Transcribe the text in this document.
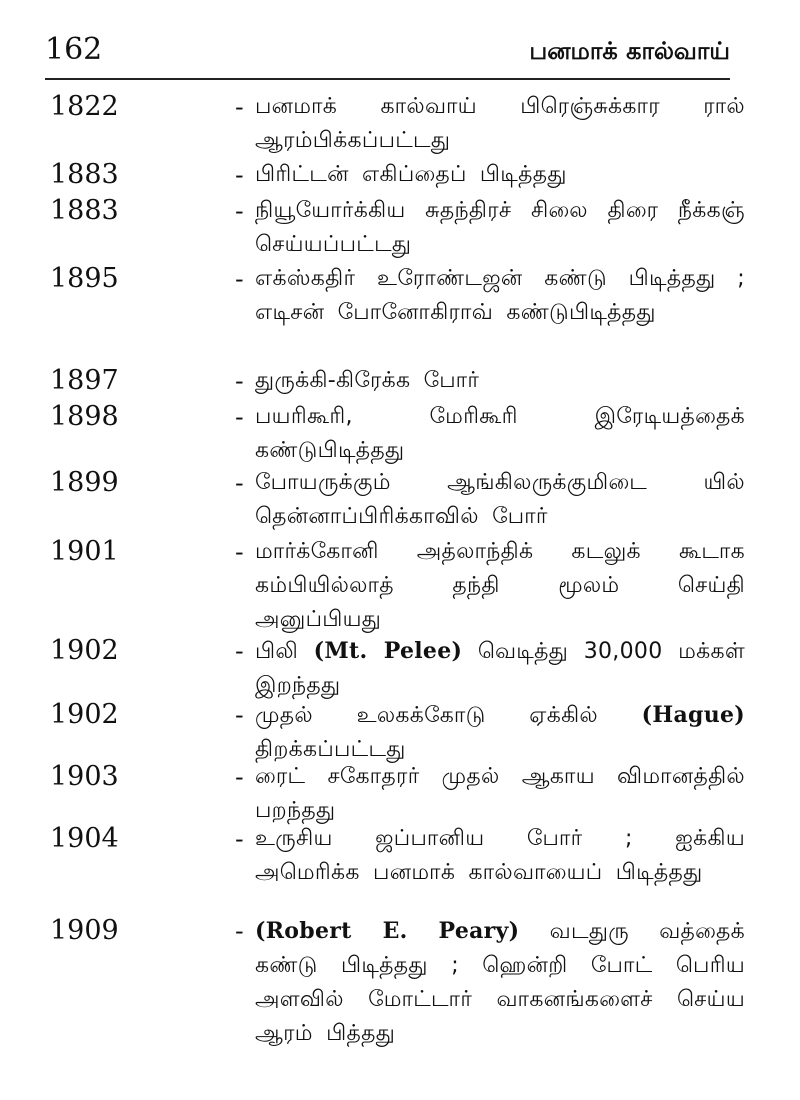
162	பனமாக் கால்வாய்
1822	- பனமாக் கால்வாய் பிரெஞ்சுக்கார ரால் ஆரம்பிக்கப்பட்டது
1883	- பிரிட்டன் எகிப்தைப் பிடித்தது
1883	- நியூயோர்க்கிய சுதந்திரச் சிலை திரை நீக்கஞ் செய்யப்பட்டது
1895	- எக்ஸ்கதிர் உரோண்டஜன் கண்டு பிடித்தது ; எடிசன் போனோகிராவ் கண்டுபிடித்தது
1897	- துருக்கி-கிரேக்க போர்
1898	- பயரிகூரி, மேரிகூரி இரேடியத்தைக் கண்டுபிடித்தது
1899	- போயருக்கும் ஆங்கிலருக்குமிடை யில் தென்னாப்பிரிக்காவில் போர்
1901	- மார்க்கோனி அத்லாந்திக் கடலுக் கூடாக கம்பியில்லாத் தந்தி மூலம் செய்தி அனுப்பியது
1902	- பிலி (Mt. Pelee) வெடித்து 30,000 மக்கள் இறந்தது
1902	- முதல் உலகக்கோடு ஏக்கில் (Hague) திறக்கப்பட்டது
1903	- ரைட் சகோதரர் முதல் ஆகாய விமானத்தில் பறந்தது
1904	- உருசிய ஜப்பானிய போர் ; ஐக்கிய அமெரிக்க பனமாக் கால்வாயைப் பிடித்தது
1909	- (Robert E. Peary) வடதுரு வத்தைக் கண்டு பிடித்தது ; ஹென்றி போட் பெரிய அளவில் மோட்டார் வாகனங்களைச் செய்ய ஆரம் பித்தது
